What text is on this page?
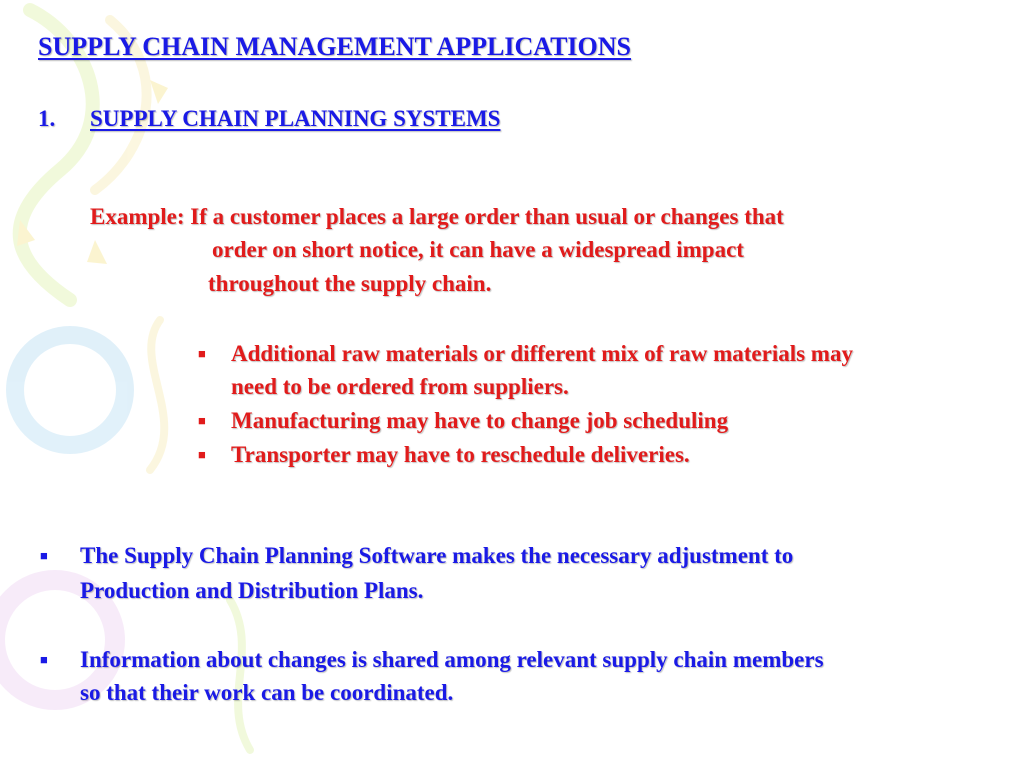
SUPPLY CHAIN MANAGEMENT APPLICATIONS
1. SUPPLY CHAIN PLANNING SYSTEMS
Example: If a customer places a large order than usual or changes that
order on short notice, it can have a widespread impact
throughout the supply chain.
■ Additional raw materials or different mix of raw materials may
need to be ordered from suppliers.
■ Manufacturing may have to change job scheduling
■ Transporter may have to reschedule deliveries.
■ The Supply Chain Planning Software makes the necessary adjustment to
Production and Distribution Plans.
■ Information about changes is shared among relevant supply chain members
so that their work can be coordinated.
